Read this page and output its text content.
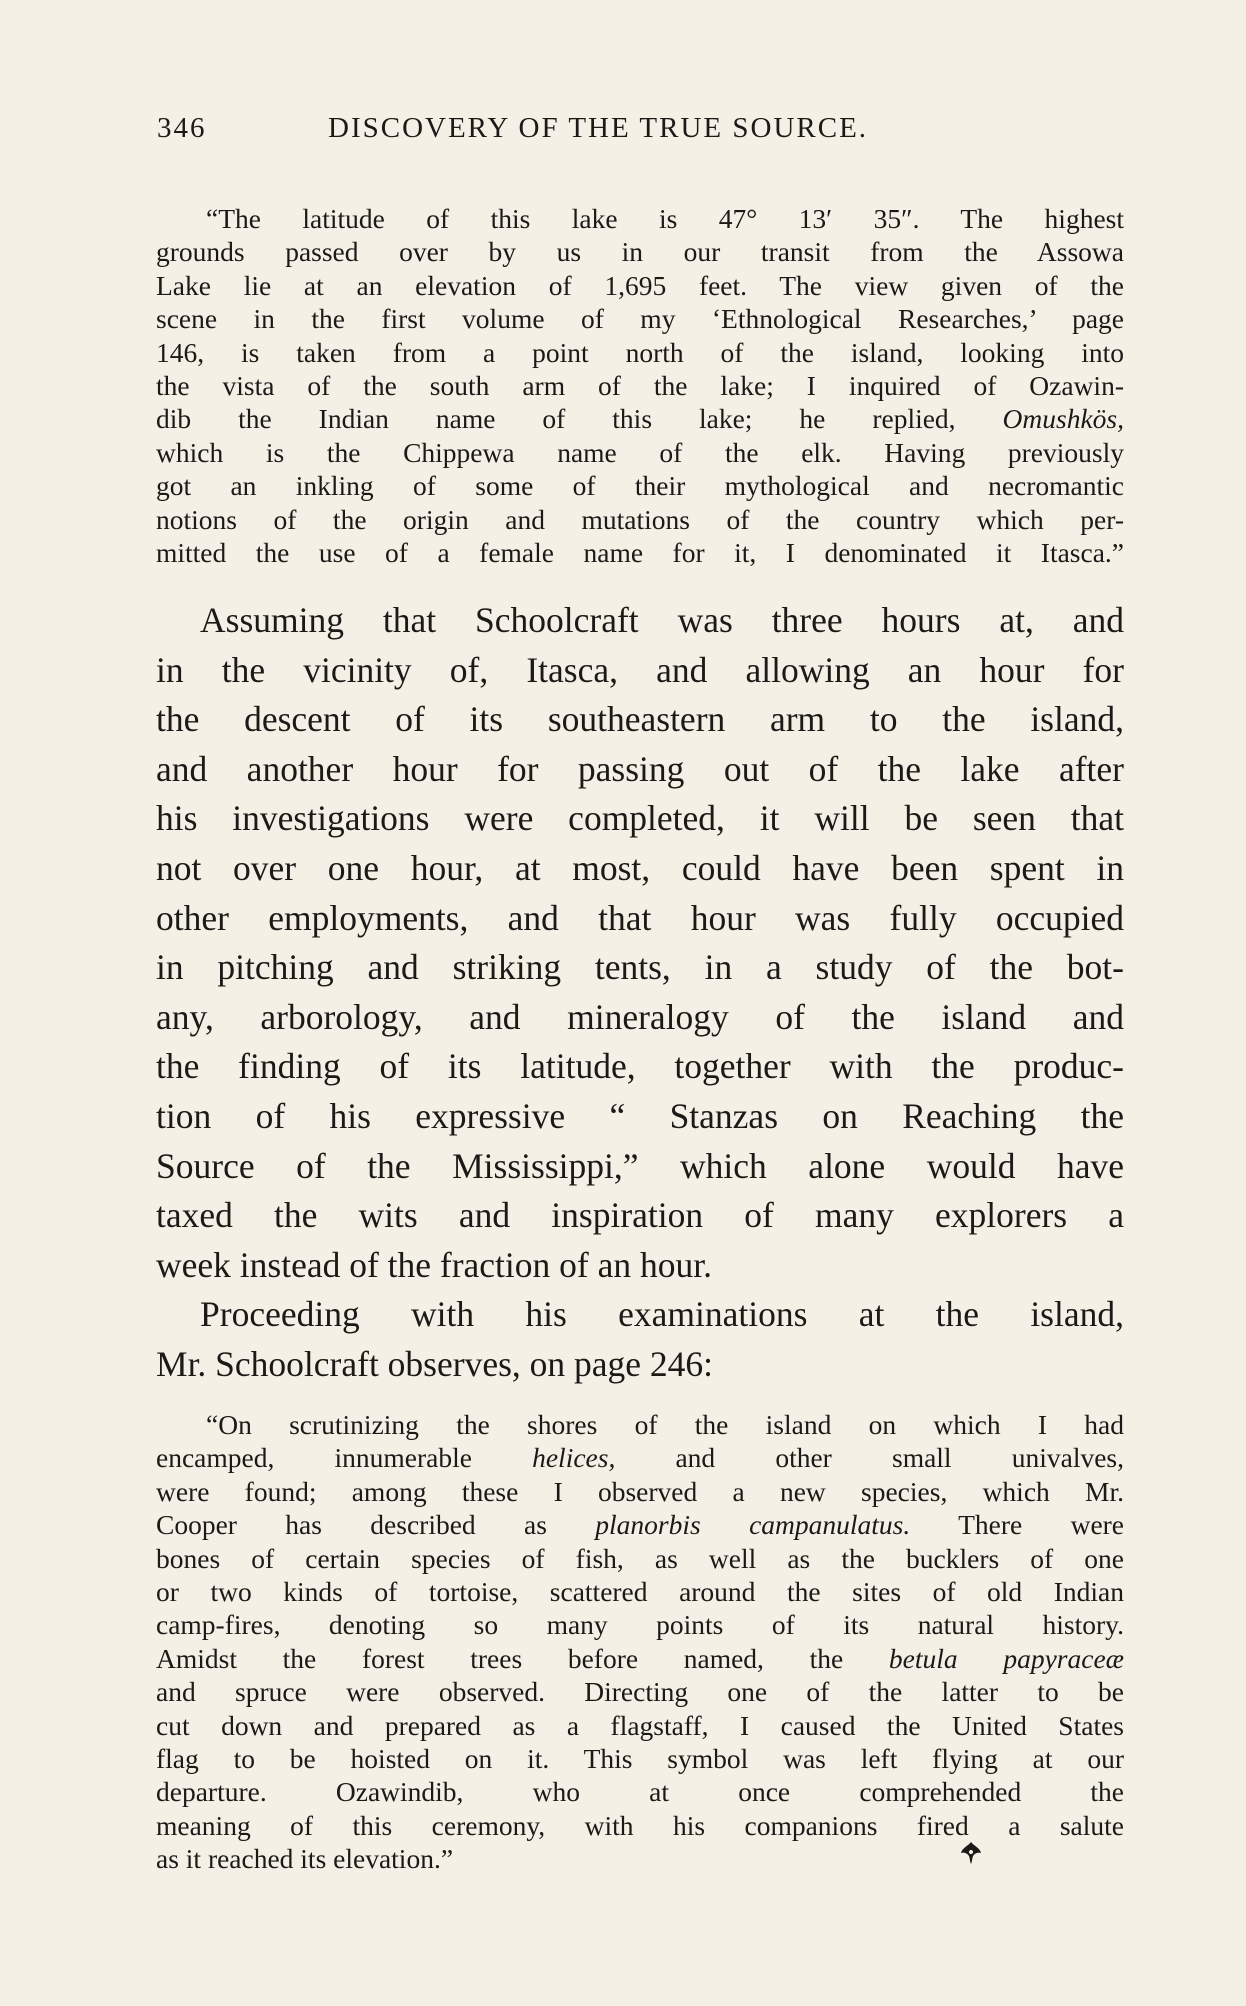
346	DISCOVERY OF THE TRUE SOURCE.
“The latitude of this lake is 47° 13′ 35″. The highest
grounds passed over by us in our transit from the Assowa
Lake lie at an elevation of 1,695 feet. The view given of the
scene in the first volume of my ‘Ethnological Researches,’ page
146, is taken from a point north of the island, looking into
the vista of the south arm of the lake; I inquired of Ozawin-
dib the Indian name of this lake; he replied, Omushkös,
which is the Chippewa name of the elk. Having previously
got an inkling of some of their mythological and necromantic
notions of the origin and mutations of the country which per-
mitted the use of a female name for it, I denominated it Itasca.”
Assuming that Schoolcraft was three hours at, and
in the vicinity of, Itasca, and allowing an hour for
the descent of its southeastern arm to the island,
and another hour for passing out of the lake after
his investigations were completed, it will be seen that
not over one hour, at most, could have been spent in
other employments, and that hour was fully occupied
in pitching and striking tents, in a study of the bot-
any, arborology, and mineralogy of the island and
the finding of its latitude, together with the produc-
tion of his expressive “ Stanzas on Reaching the
Source of the Mississippi,” which alone would have
taxed the wits and inspiration of many explorers a
week instead of the fraction of an hour.
Proceeding with his examinations at the island,
Mr. Schoolcraft observes, on page 246:
“On scrutinizing the shores of the island on which I had
encamped, innumerable helices, and other small univalves,
were found; among these I observed a new species, which Mr.
Cooper has described as planorbis campanulatus. There were
bones of certain species of fish, as well as the bucklers of one
or two kinds of tortoise, scattered around the sites of old Indian
camp-fires, denoting so many points of its natural history.
Amidst the forest trees before named, the betula papyraceæ
and spruce were observed. Directing one of the latter to be
cut down and prepared as a flagstaff, I caused the United States
flag to be hoisted on it. This symbol was left flying at our
departure. Ozawindib, who at once comprehended the
meaning of this ceremony, with his companions fired a salute
as it reached its elevation.”
